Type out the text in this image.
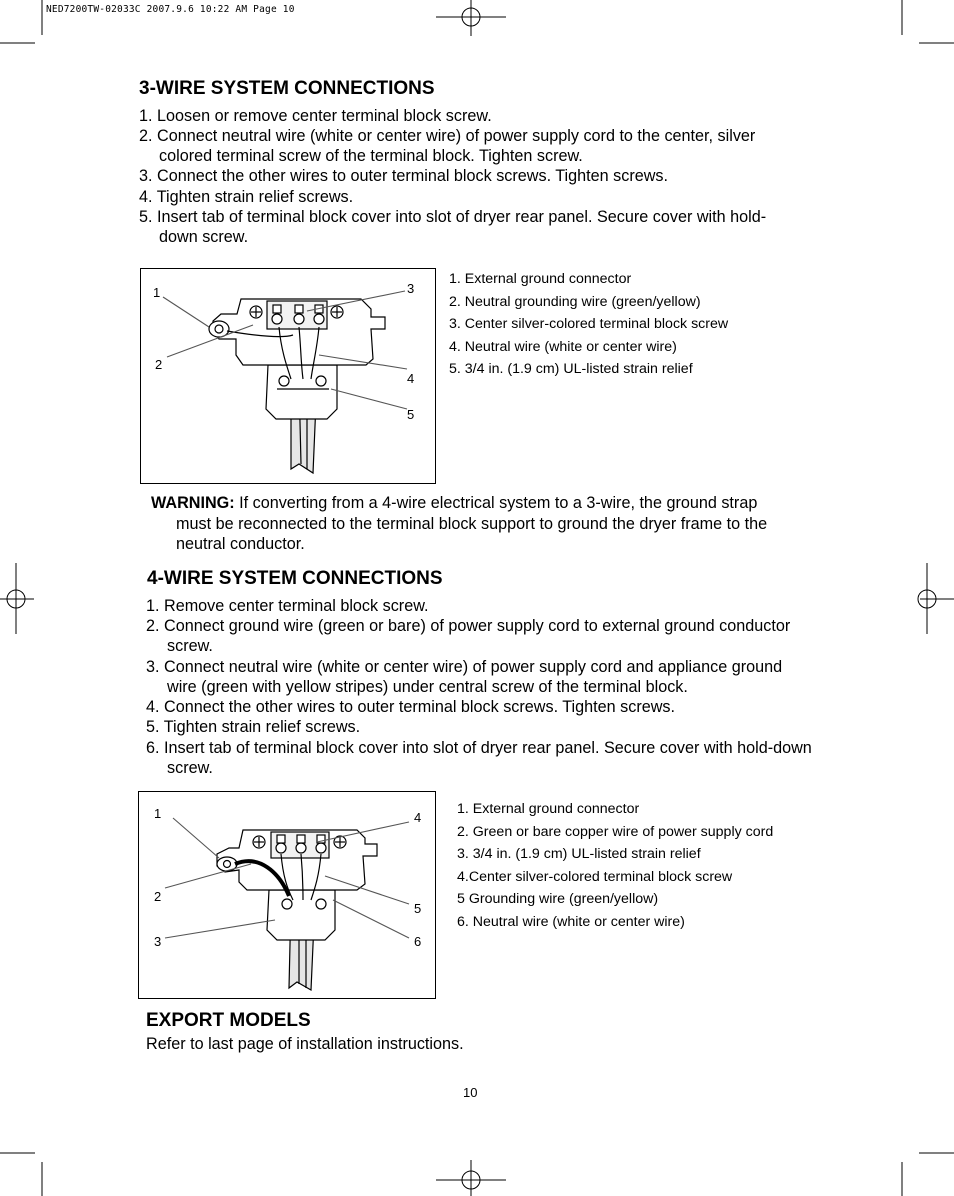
NED7200TW-02033C 2007.9.6 10:22 AM Page 10
3-WIRE SYSTEM CONNECTIONS
1. Loosen or remove center terminal block screw.
2. Connect neutral wire (white or center wire) of power supply cord to the center, silver
colored terminal screw of the terminal block. Tighten screw.
3. Connect the other wires to outer terminal block screws. Tighten screws.
4. Tighten strain relief screws.
5. Insert tab of terminal block cover into slot of dryer rear panel. Secure cover with hold-
down screw.
1
2
3
4
5
1. External ground connector
2. Neutral grounding wire (green/yellow)
3. Center silver-colored terminal block screw
4. Neutral wire (white or center wire)
5. 3/4 in. (1.9 cm) UL-listed strain relief
WARNING: If converting from a 4-wire electrical system to a 3-wire, the ground strap
must be reconnected to the terminal block support to ground the dryer frame to the
neutral conductor.
4-WIRE SYSTEM CONNECTIONS
1. Remove center terminal block screw.
2. Connect ground wire (green or bare) of power supply cord to external ground conductor
screw.
3. Connect neutral wire (white or center wire) of power supply cord and appliance ground
wire (green with yellow stripes) under central screw of the terminal block.
4. Connect the other wires to outer terminal block screws. Tighten screws.
5. Tighten strain relief screws.
6. Insert tab of terminal block cover into slot of dryer rear panel. Secure cover with hold-down
screw.
1
2
3
4
5
6
1. External ground connector
2. Green or bare copper wire of power supply cord
3. 3/4 in. (1.9 cm) UL-listed strain relief
4.Center silver-colored terminal block screw
5 Grounding wire (green/yellow)
6. Neutral wire (white or center wire)
EXPORT MODELS
Refer to last page of installation instructions.
10
